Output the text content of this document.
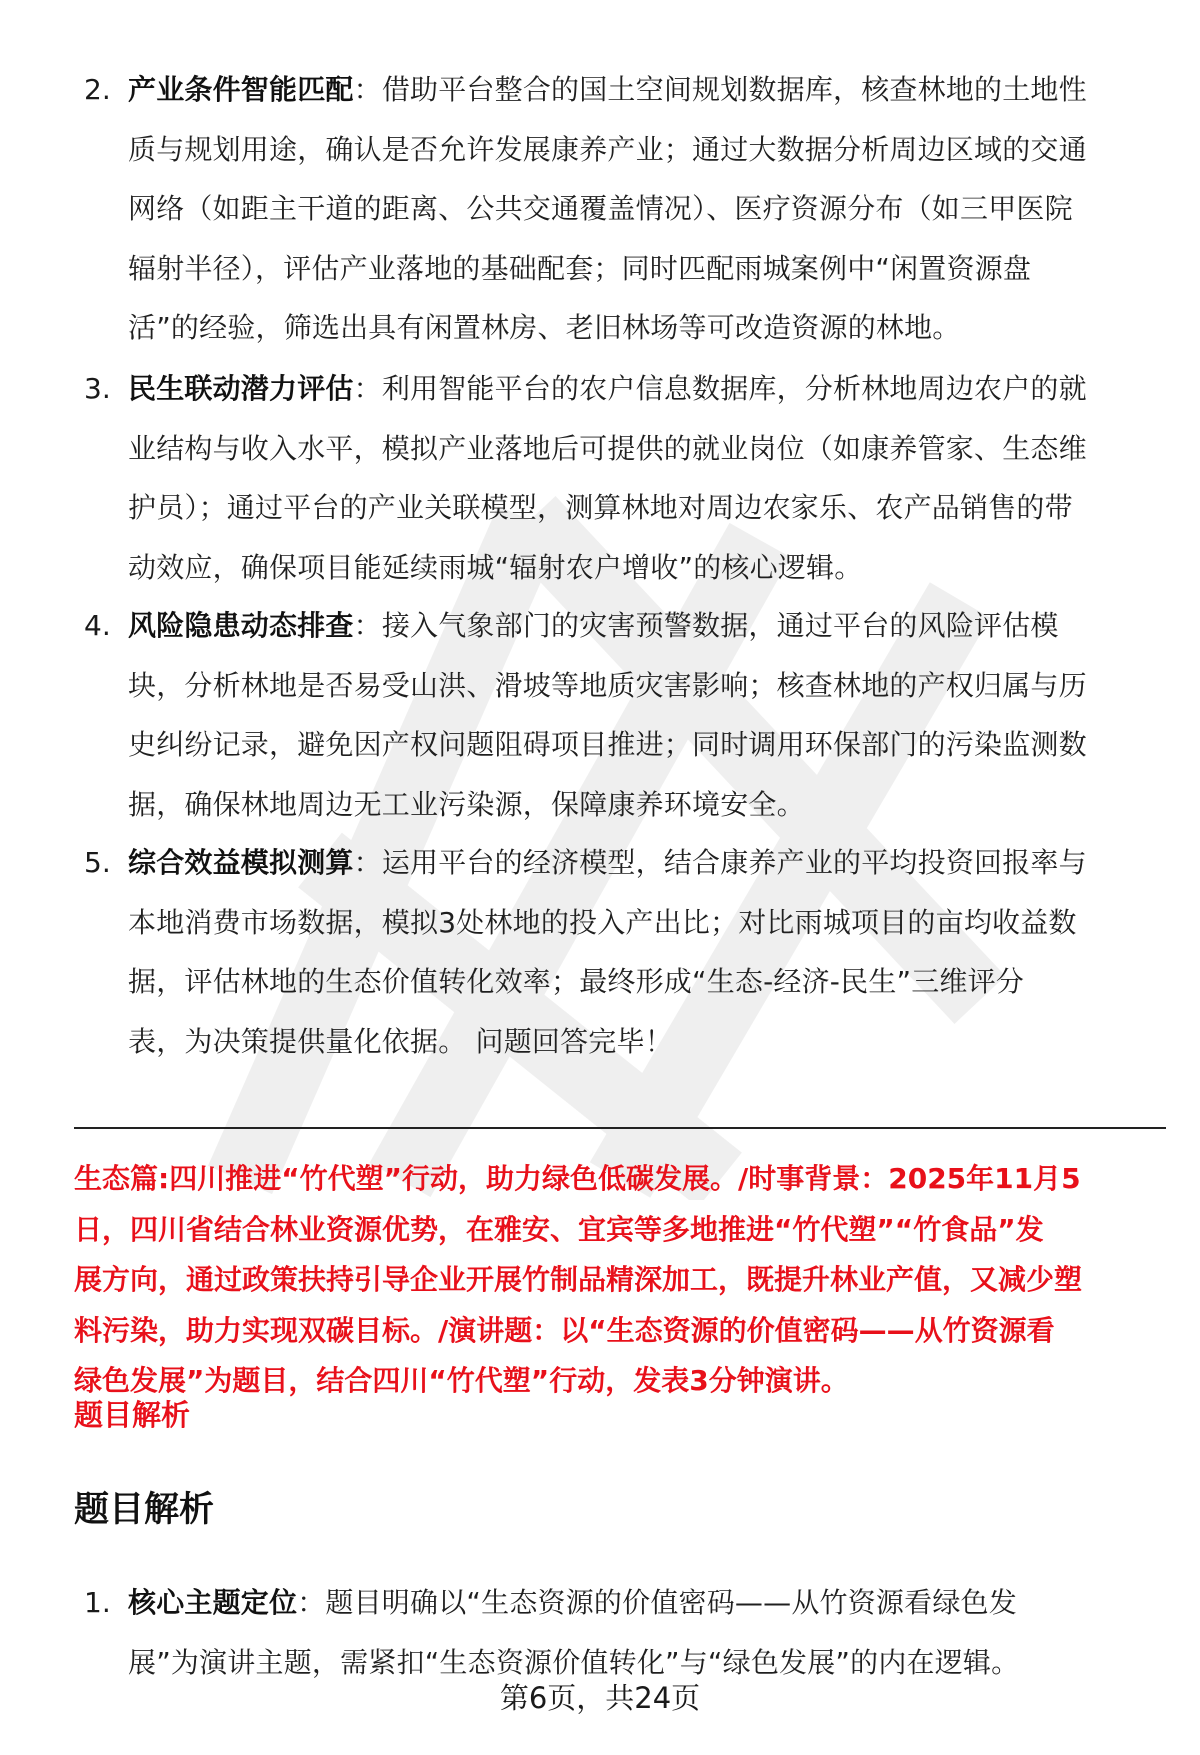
2. 产业条件智能匹配：借助平台整合的国土空间规划数据库，核查林地的土地性
质与规划用途，确认是否允许发展康养产业；通过大数据分析周边区域的交通
网络（如距主干道的距离、公共交通覆盖情况）、医疗资源分布（如三甲医院
辐射半径），评估产业落地的基础配套；同时匹配雨城案例中“闲置资源盘
活”的经验，筛选出具有闲置林房、老旧林场等可改造资源的林地。
3. 民生联动潜力评估：利用智能平台的农户信息数据库，分析林地周边农户的就
业结构与收入水平，模拟产业落地后可提供的就业岗位（如康养管家、生态维
护员）；通过平台的产业关联模型，测算林地对周边农家乐、农产品销售的带
动效应，确保项目能延续雨城“辐射农户增收”的核心逻辑。
4. 风险隐患动态排查：接入气象部门的灾害预警数据，通过平台的风险评估模
块，分析林地是否易受山洪、滑坡等地质灾害影响；核查林地的产权归属与历
史纠纷记录，避免因产权问题阻碍项目推进；同时调用环保部门的污染监测数
据，确保林地周边无工业污染源，保障康养环境安全。
5. 综合效益模拟测算：运用平台的经济模型，结合康养产业的平均投资回报率与
本地消费市场数据，模拟3处林地的投入产出比；对比雨城项目的亩均收益数
据，评估林地的生态价值转化效率；最终形成“生态-经济-民生”三维评分
表，为决策提供量化依据。 问题回答完毕！
生态篇:四川推进“竹代塑”行动，助力绿色低碳发展。/时事背景：2025年11月5
日，四川省结合林业资源优势，在雅安、宜宾等多地推进“竹代塑”“竹食品”发
展方向，通过政策扶持引导企业开展竹制品精深加工，既提升林业产值，又减少塑
料污染，助力实现双碳目标。/演讲题：以“生态资源的价值密码——从竹资源看
绿色发展”为题目，结合四川“竹代塑”行动，发表3分钟演讲。
题目解析
题目解析
1. 核心主题定位：题目明确以“生态资源的价值密码——从竹资源看绿色发
展”为演讲主题，需紧扣“生态资源价值转化”与“绿色发展”的内在逻辑。
第6页，共24页
